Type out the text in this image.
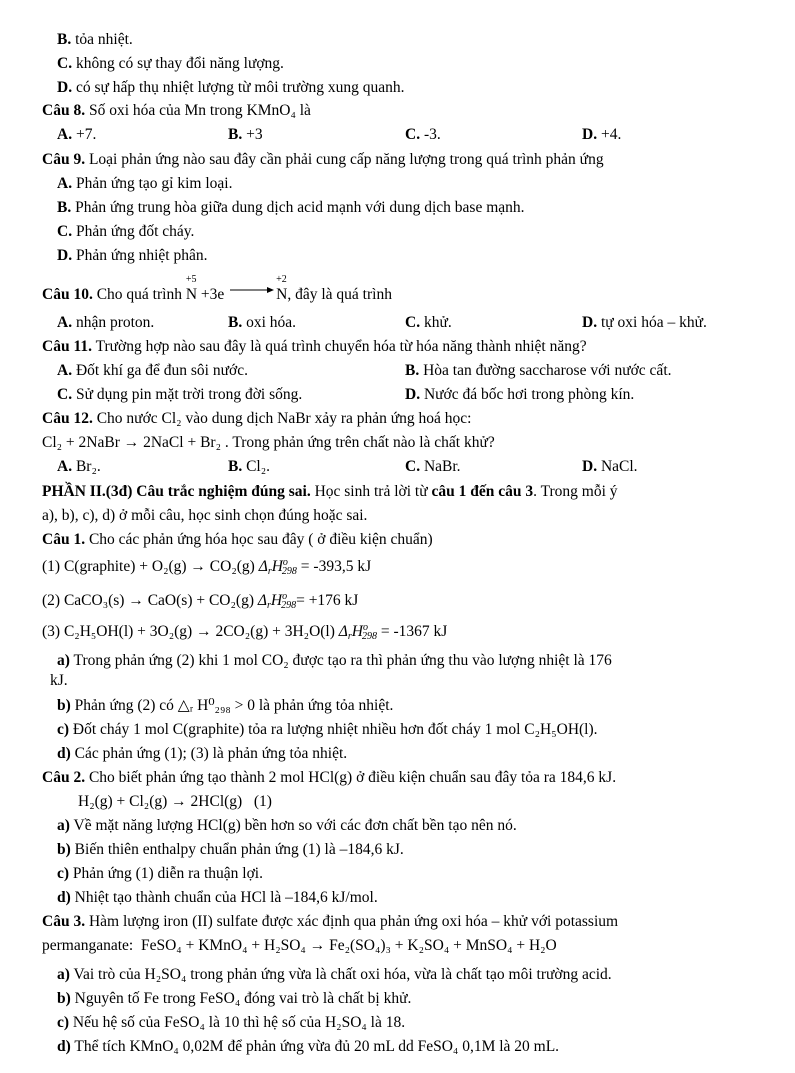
B. tỏa nhiệt.
C. không có sự thay đổi năng lượng.
D. có sự hấp thụ nhiệt lượng từ môi trường xung quanh.
Câu 8. Số oxi hóa của Mn trong KMnO₄ là
A. +7.	B. +3	C. -3.	D. +4.
Câu 9. Loại phản ứng nào sau đây cần phải cung cấp năng lượng trong quá trình phản ứng
A. Phản ứng tạo gỉ kim loại.
B. Phản ứng trung hòa giữa dung dịch acid mạnh với dung dịch base mạnh.
C. Phản ứng đốt cháy.
D. Phản ứng nhiệt phân.
Câu 10. Cho quá trình
+5
N +3e
+2
N, đây là quá trình
A. nhận proton.	B. oxi hóa.	C. khử.	D. tự oxi hóa – khử.
Câu 11. Trường hợp nào sau đây là quá trình chuyển hóa từ hóa năng thành nhiệt năng?
A. Đốt khí ga để đun sôi nước.	B. Hòa tan đường saccharose với nước cất.
C. Sử dụng pin mặt trời trong đời sống.	D. Nước đá bốc hơi trong phòng kín.
Câu 12. Cho nước Cl₂ vào dung dịch NaBr xảy ra phản ứng hoá học:
Cl₂ + 2NaBr → 2NaCl + Br₂ . Trong phản ứng trên chất nào là chất khử?
A. Br₂.	B. Cl₂.	C. NaBr.	D. NaCl.
PHẦN II.(3đ) Câu trắc nghiệm đúng sai. Học sinh trả lời từ câu 1 đến câu 3. Trong mỗi ý
a), b), c), d) ở mỗi câu, học sinh chọn đúng hoặc sai.
Câu 1. Cho các phản ứng hóa học sau đây ( ở điều kiện chuẩn)
(1) C(graphite) + O₂(g) → CO₂(g) $\Delta_rH^o_{298} = -393,5$ kJ
(2) CaCO₃(s) → CaO(s) + CO₂(g) $\Delta_rH^o_{298}= +176$ kJ
(3) C₂H₅OH(l) + 3O₂(g) → 2CO₂(g) + 3H₂O(l) $\Delta_rH^o_{298} = -1367$ kJ
a) Trong phản ứng (2) khi 1 mol CO₂ được tạo ra thì phản ứng thu vào lượng nhiệt là 176
kJ.
b) Phản ứng (2) có △ᵣ H⁰₂₉₈ > 0 là phản ứng tỏa nhiệt.
c) Đốt cháy 1 mol C(graphite) tỏa ra lượng nhiệt nhiều hơn đốt cháy 1 mol C₂H₅OH(l).
d) Các phản ứng (1); (3) là phản ứng tỏa nhiệt.
Câu 2. Cho biết phản ứng tạo thành 2 mol HCl(g) ở điều kiện chuẩn sau đây tỏa ra 184,6 kJ.
H₂(g) + Cl₂(g) → 2HCl(g)   (1)
a) Về mặt năng lượng HCl(g) bền hơn so với các đơn chất bền tạo nên nó.
b) Biến thiên enthalpy chuẩn phản ứng (1) là –184,6 kJ.
c) Phản ứng (1) diễn ra thuận lợi.
d) Nhiệt tạo thành chuẩn của HCl là –184,6 kJ/mol.
Câu 3. Hàm lượng iron (II) sulfate được xác định qua phản ứng oxi hóa – khử với potassium
permanganate:  FeSO₄ + KMnO₄ + H₂SO₄ → Fe₂(SO₄)₃ + K₂SO₄ + MnSO₄ + H₂O
a) Vai trò của H₂SO₄ trong phản ứng vừa là chất oxi hóa, vừa là chất tạo môi trường acid.
b) Nguyên tố Fe trong FeSO₄ đóng vai trò là chất bị khử.
c) Nếu hệ số của FeSO₄ là 10 thì hệ số của H₂SO₄ là 18.
d) Thể tích KMnO₄ 0,02M để phản ứng vừa đủ 20 mL dd FeSO₄ 0,1M là 20 mL.
